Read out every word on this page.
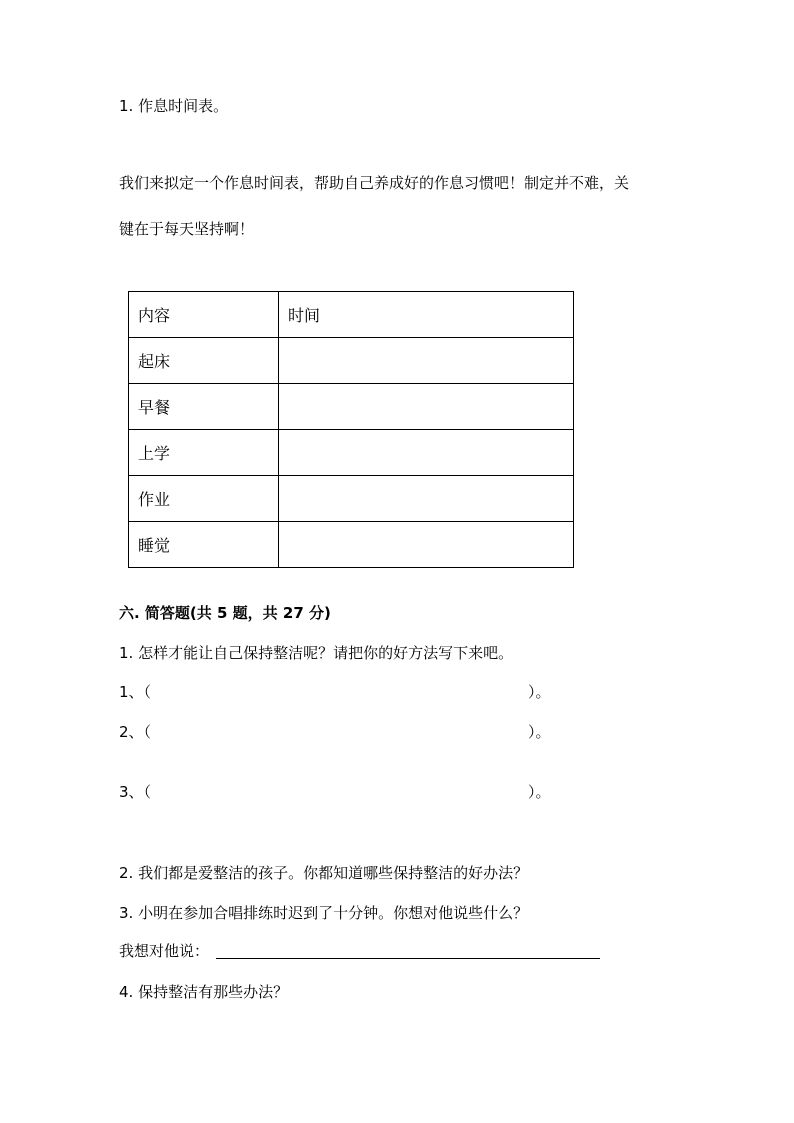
1. 作息时间表。
我们来拟定一个作息时间表，帮助自己养成好的作息习惯吧！制定并不难，关
键在于每天坚持啊！
内容	时间
起床	
早餐	
上学	
作业	
睡觉	
六. 简答题(共 5 题，共 27 分)
1. 怎样才能让自己保持整洁呢？请把你的好方法写下来吧。
1、（	）。
2、（	）。
3、（	）。
2. 我们都是爱整洁的孩子。你都知道哪些保持整洁的好办法？
3. 小明在参加合唱排练时迟到了十分钟。你想对他说些什么？
我想对他说：
4. 保持整洁有那些办法？
